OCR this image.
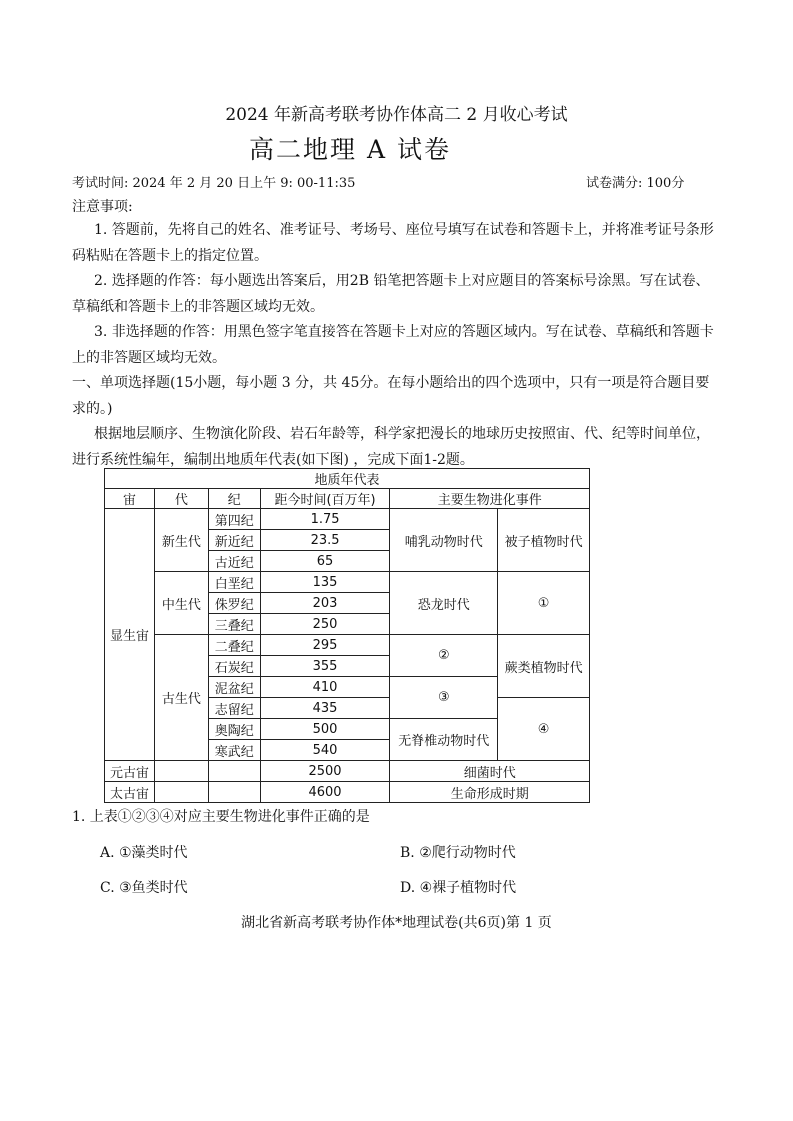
2024 年新高考联考协作体高二 2 月收心考试
高二地理 A 试卷
考试时间: 2024 年 2 月 20 日上午 9: 00-11:35	试卷满分: 100分
注意事项:
1. 答题前，先将自己的姓名、准考证号、考场号、座位号填写在试卷和答题卡上，并将准考证号条形码粘贴在答题卡上的指定位置。
2. 选择题的作答：每小题选出答案后，用2B 铅笔把答题卡上对应题目的答案标号涂黑。写在试卷、草稿纸和答题卡上的非答题区域均无效。
3. 非选择题的作答：用黑色签字笔直接答在答题卡上对应的答题区域内。写在试卷、草稿纸和答题卡上的非答题区域均无效。
一、单项选择题(15小题，每小题 3 分，共 45分。在每小题给出的四个选项中，只有一项是符合题目要求的。)
根据地层顺序、生物演化阶段、岩石年龄等，科学家把漫长的地球历史按照宙、代、纪等时间单位，进行系统性编年，编制出地质年代表(如下图) ，完成下面1-2题。
地质年代表					
宙	代	纪	距今时间(百万年)	主要生物进化事件	
显生宙	新生代	第四纪	1.75	哺乳动物时代	被子植物时代
		新近纪	23.5		
		古近纪	65		
	中生代	白垩纪	135	恐龙时代	①
		侏罗纪	203		
		三叠纪	250		
	古生代	二叠纪	295	②	蕨类植物时代
		石炭纪	355		
		泥盆纪	410	③	
		志留纪	435		④
		奥陶纪	500	无脊椎动物时代	
		寒武纪	540		
元古宙			2500	细菌时代	
太古宙			4600	生命形成时期	
1. 上表①②③④对应主要生物进化事件正确的是
A. ①藻类时代	B. ②爬行动物时代
C. ③鱼类时代	D. ④裸子植物时代
湖北省新高考联考协作体*地理试卷(共6页)第 1 页
